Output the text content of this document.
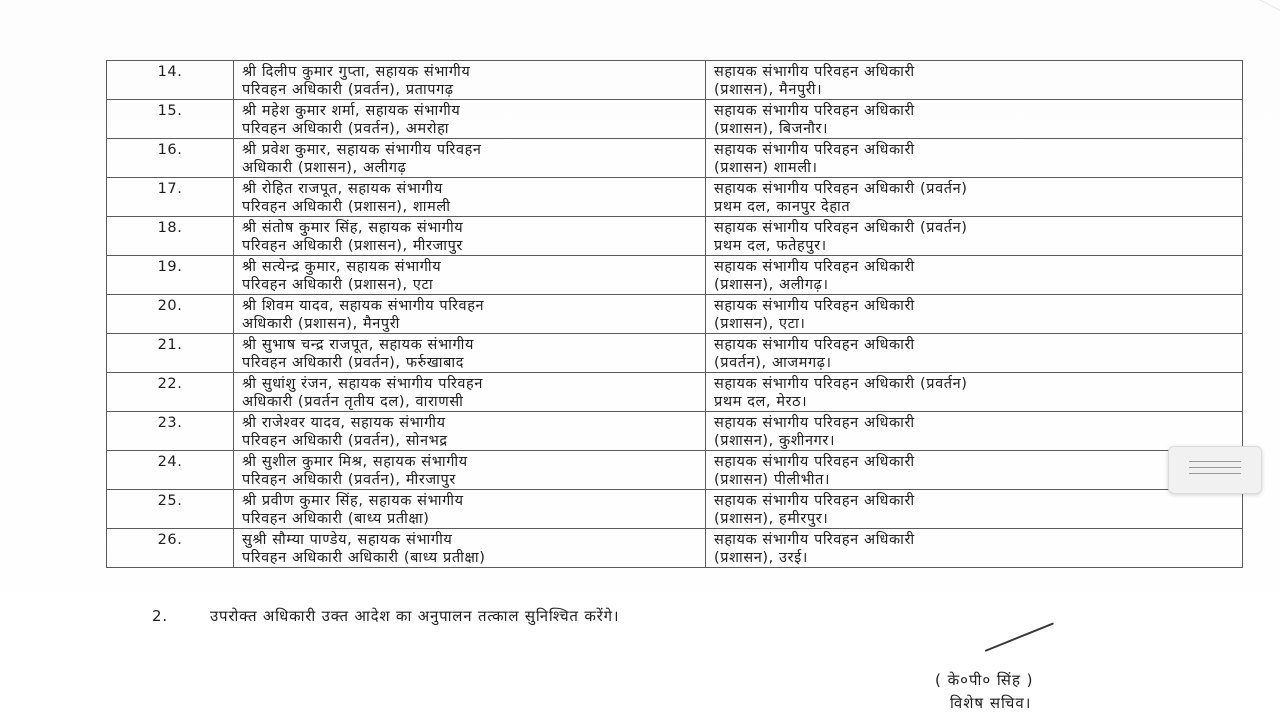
14.	श्री दिलीप कुमार गुप्ता, सहायक संभागीय
परिवहन अधिकारी (प्रवर्तन), प्रतापगढ़	सहायक संभागीय परिवहन अधिकारी
(प्रशासन), मैनपुरी।

15.	श्री महेश कुमार शर्मा, सहायक संभागीय
परिवहन अधिकारी (प्रवर्तन), अमरोहा	सहायक संभागीय परिवहन अधिकारी
(प्रशासन), बिजनौर।

16.	श्री प्रवेश कुमार, सहायक संभागीय परिवहन
अधिकारी (प्रशासन), अलीगढ़	सहायक संभागीय परिवहन अधिकारी
(प्रशासन) शामली।

17.	श्री रोहित राजपूत, सहायक संभागीय
परिवहन अधिकारी (प्रशासन), शामली	सहायक संभागीय परिवहन अधिकारी (प्रवर्तन)
प्रथम दल, कानपुर देहात

18.	श्री संतोष कुमार सिंह, सहायक संभागीय
परिवहन अधिकारी (प्रशासन), मीरजापुर	सहायक संभागीय परिवहन अधिकारी (प्रवर्तन)
प्रथम दल, फतेहपुर।

19.	श्री सत्येन्द्र कुमार, सहायक संभागीय
परिवहन अधिकारी (प्रशासन), एटा	सहायक संभागीय परिवहन अधिकारी
(प्रशासन), अलीगढ़।

20.	श्री शिवम यादव, सहायक संभागीय परिवहन
अधिकारी (प्रशासन), मैनपुरी	सहायक संभागीय परिवहन अधिकारी
(प्रशासन), एटा।

21.	श्री सुभाष चन्द्र राजपूत, सहायक संभागीय
परिवहन अधिकारी (प्रवर्तन), फर्रुखाबाद	सहायक संभागीय परिवहन अधिकारी
(प्रवर्तन), आजमगढ़।

22.	श्री सुधांशु रंजन, सहायक संभागीय परिवहन
अधिकारी (प्रवर्तन तृतीय दल), वाराणसी	सहायक संभागीय परिवहन अधिकारी (प्रवर्तन)
प्रथम दल, मेरठ।

23.	श्री राजेश्वर यादव, सहायक संभागीय
परिवहन अधिकारी (प्रवर्तन), सोनभद्र	सहायक संभागीय परिवहन अधिकारी
(प्रशासन), कुशीनगर।

24.	श्री सुशील कुमार मिश्र, सहायक संभागीय
परिवहन अधिकारी (प्रवर्तन), मीरजापुर	सहायक संभागीय परिवहन अधिकारी
(प्रशासन) पीलीभीत।

25.	श्री प्रवीण कुमार सिंह, सहायक संभागीय
परिवहन अधिकारी (बाध्य प्रतीक्षा)	सहायक संभागीय परिवहन अधिकारी
(प्रशासन), हमीरपुर।

26.	सुश्री सौम्या पाण्डेय, सहायक संभागीय
परिवहन अधिकारी अधिकारी (बाध्य प्रतीक्षा)	सहायक संभागीय परिवहन अधिकारी
(प्रशासन), उरई।
2.	उपरोक्त अधिकारी उक्त आदेश का अनुपालन तत्काल सुनिश्चित करेंगे।
( के०पी० सिंह )
विशेष सचिव।
